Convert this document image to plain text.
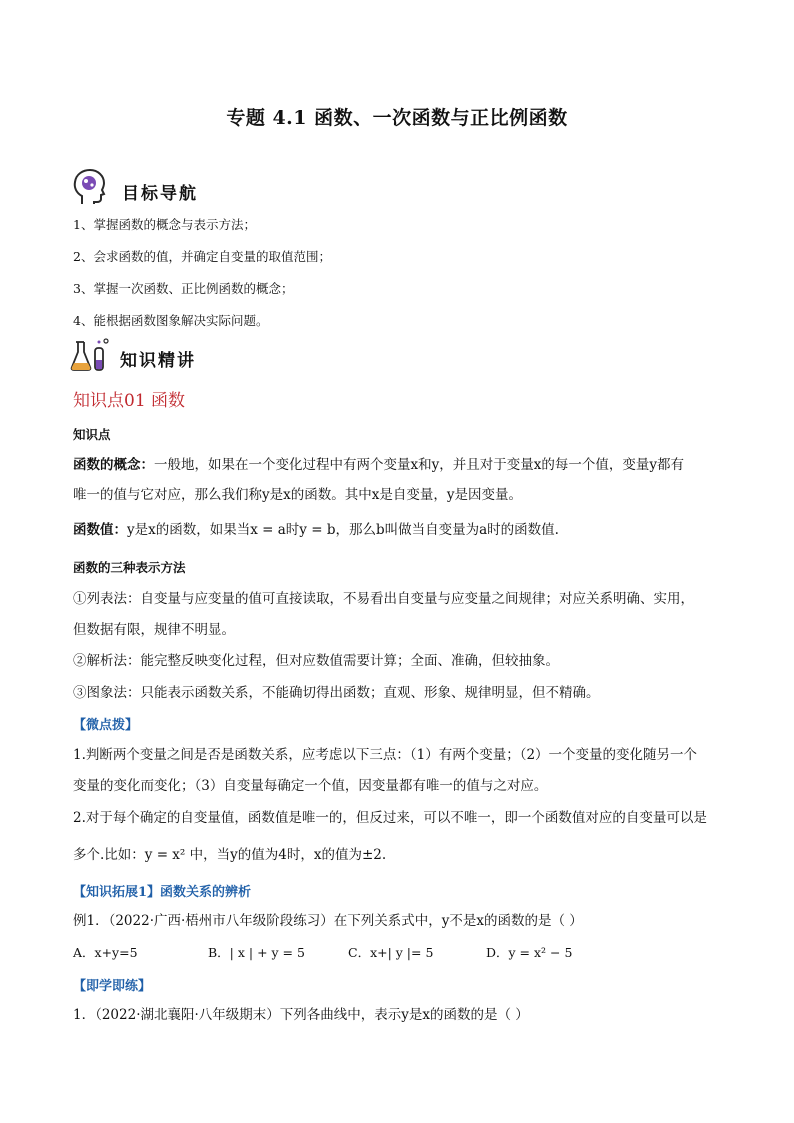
专题 4.1 函数、一次函数与正比例函数
目标导航
1、掌握函数的概念与表示方法；
2、会求函数的值，并确定自变量的取值范围；
3、掌握一次函数、正比例函数的概念；
4、能根据函数图象解决实际问题。
知识精讲
知识点01 函数
知识点
函数的概念：一般地，如果在一个变化过程中有两个变量x和y，并且对于变量x的每一个值，变量y都有
唯一的值与它对应，那么我们称y是x的函数。其中x是自变量，y是因变量。
函数值：y是x的函数，如果当x = a时y = b，那么b叫做当自变量为a时的函数值.
函数的三种表示方法
①列表法：自变量与应变量的值可直接读取，不易看出自变量与应变量之间规律；对应关系明确、实用，
但数据有限，规律不明显。
②解析法：能完整反映变化过程，但对应数值需要计算；全面、准确，但较抽象。
③图象法：只能表示函数关系，不能确切得出函数；直观、形象、规律明显，但不精确。
【微点拨】
1.判断两个变量之间是否是函数关系，应考虑以下三点：（1）有两个变量；（2）一个变量的变化随另一个
变量的变化而变化；（3）自变量每确定一个值，因变量都有唯一的值与之对应。
2.对于每个确定的自变量值，函数值是唯一的，但反过来，可以不唯一，即一个函数值对应的自变量可以是
多个.比如：y = x² 中，当y的值为4时，x的值为±2.
【知识拓展1】函数关系的辨析
例1．（2022·广西·梧州市八年级阶段练习）在下列关系式中，y不是x的函数的是（ ）
A．x+y=5	B．| x | + y = 5	C．x+| y |= 5	D．y = x² − 5
【即学即练】
1．（2022·湖北襄阳·八年级期末）下列各曲线中，表示y是x的函数的是（ ）
